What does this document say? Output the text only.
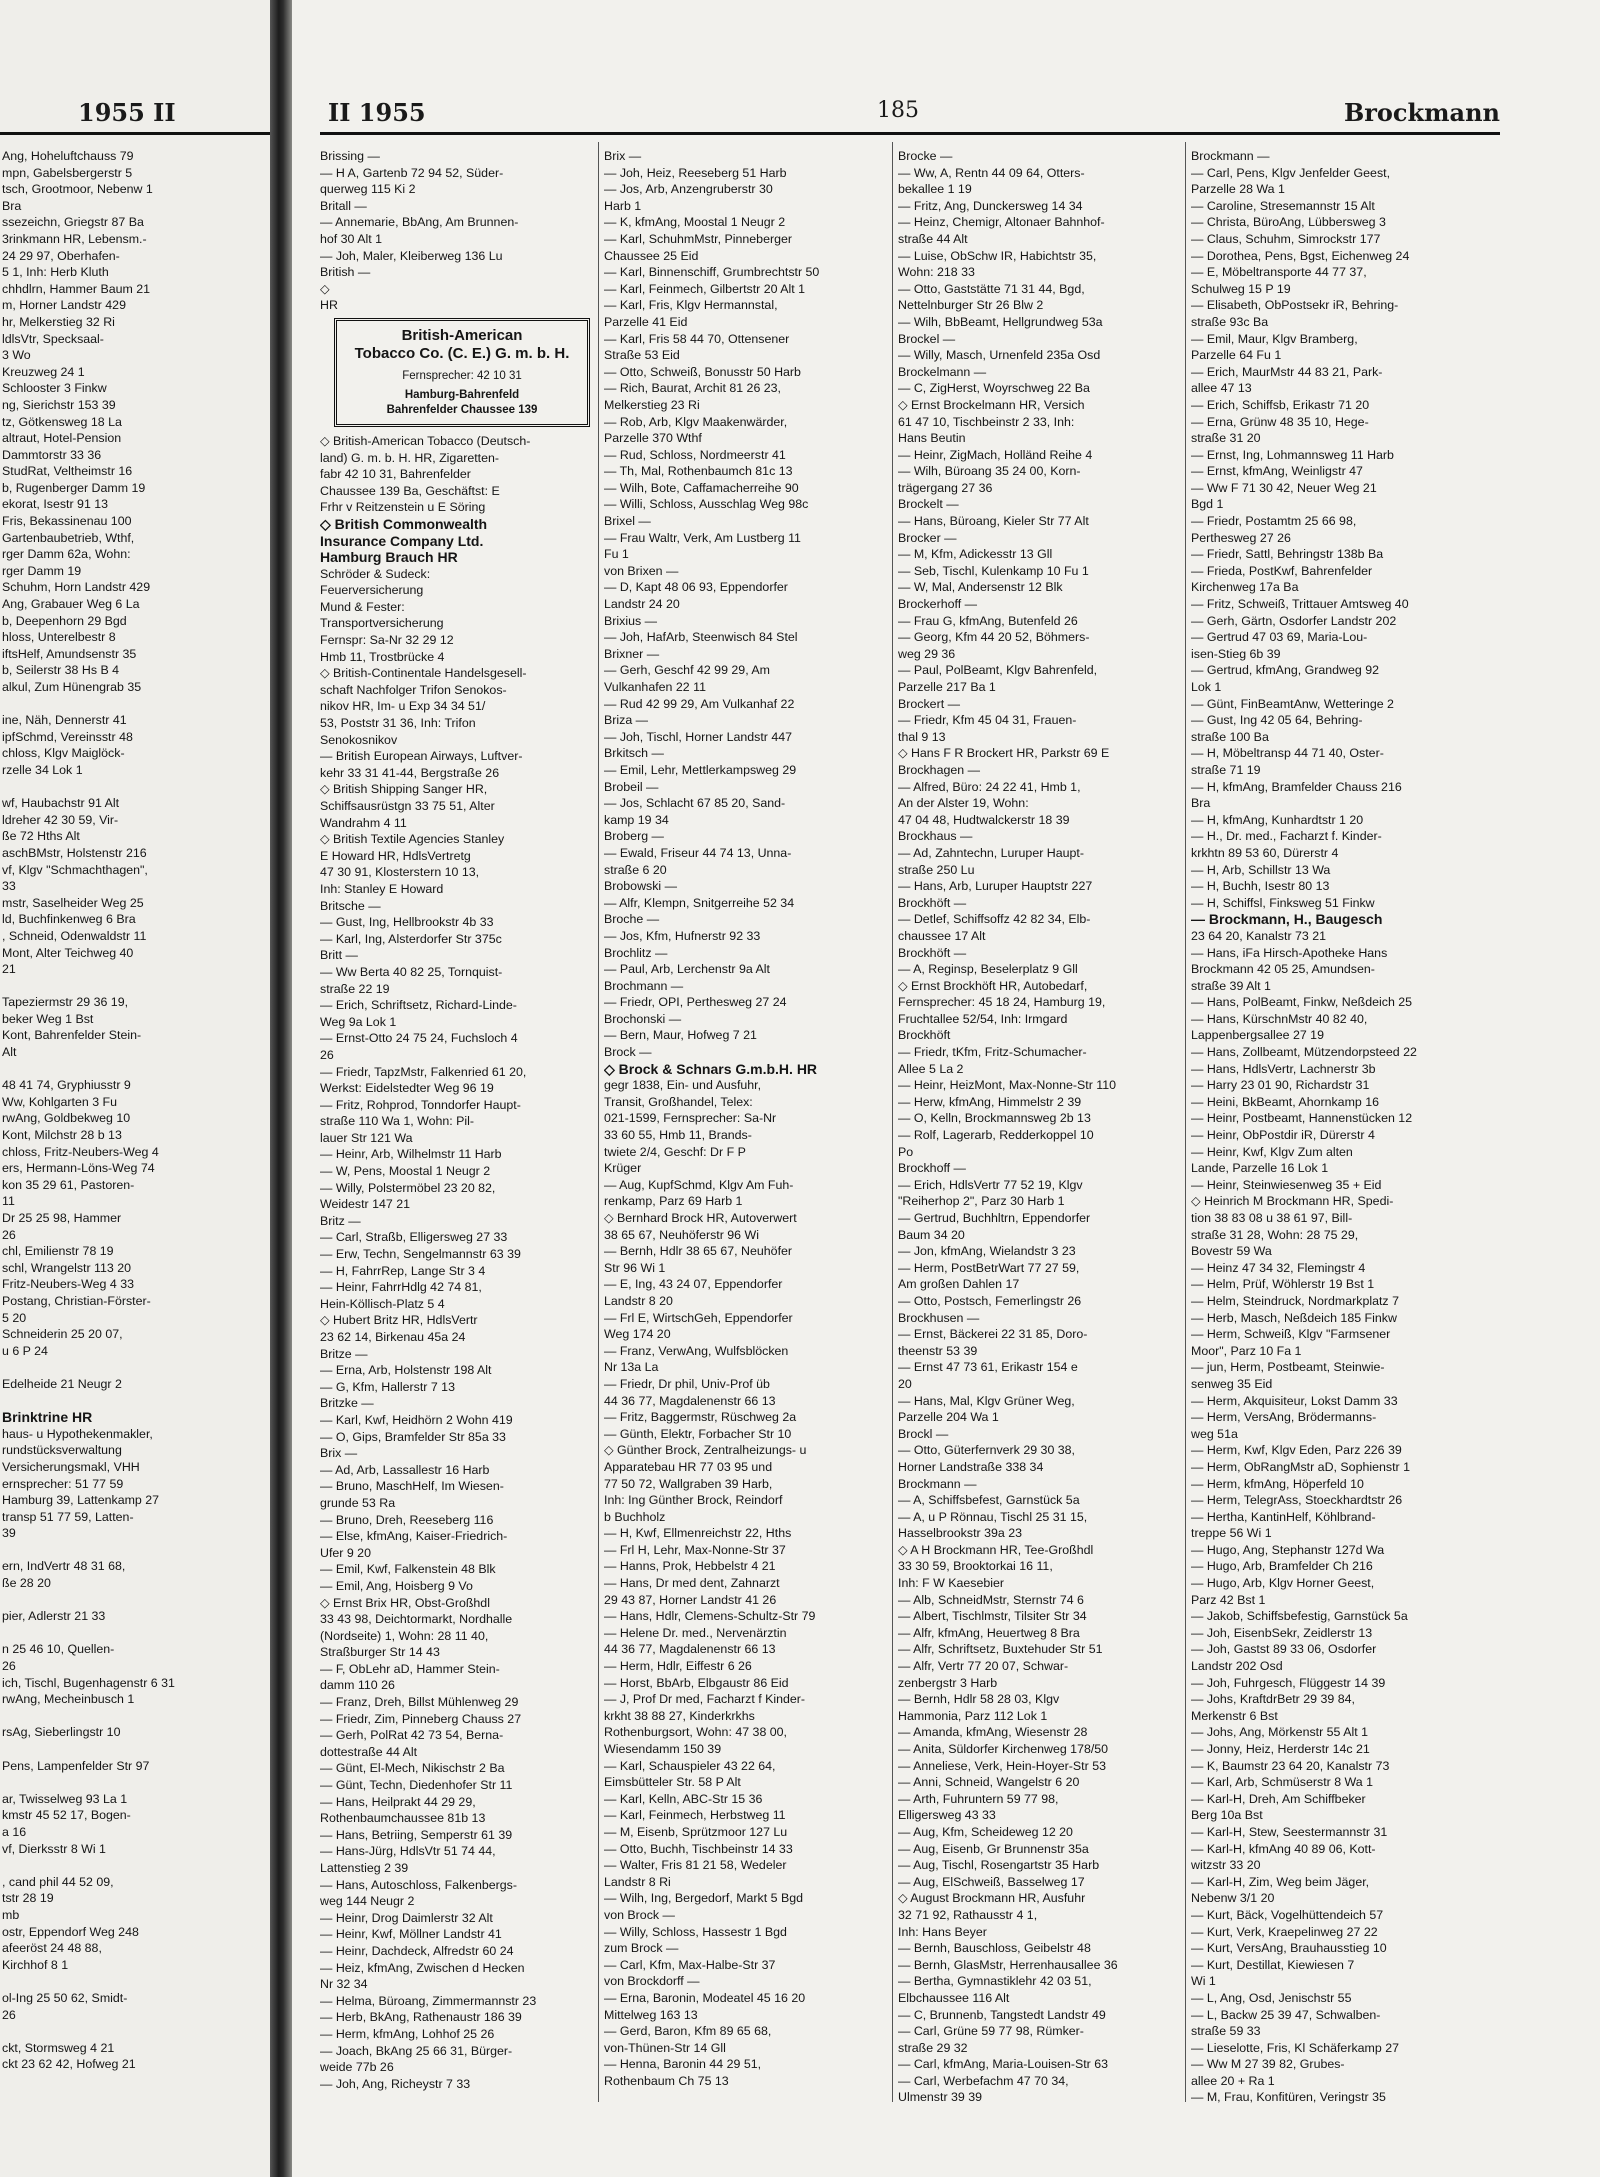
1955 II
Ang, Hoheluftchauss 79
mpn, Gabelsbergerstr 5
tsch, Grootmoor, Nebenw 1
Bra
ssezeichn, Griegstr 87 Ba
3rinkmann HR, Lebensm.-
24 29 97, Oberhafen-
5 1, Inh: Herb Kluth
chhdlrn, Hammer Baum 21
m, Horner Landstr 429
hr, Melkerstieg 32 Ri
ldlsVtr, Specksaal-
3 Wo
Kreuzweg 24 1
Schlooster 3 Finkw
ng, Sierichstr 153 39
tz, Götkensweg 18 La
altraut, Hotel-Pension
Dammtorstr 33 36
StudRat, Veltheimstr 16
b, Rugenberger Damm 19
ekorat, Isestr 91 13
Fris, Bekassinenau 100
Gartenbaubetrieb, Wthf,
rger Damm 62a, Wohn:
rger Damm 19
Schuhm, Horn Landstr 429
Ang, Grabauer Weg 6 La
b, Deepenhorn 29 Bgd
hloss, Unterelbestr 8
iftsHelf, Amundsenstr 35
b, Seilerstr 38 Hs B 4
alkul, Zum Hünengrab 35

ine, Näh, Dennerstr 41
ipfSchmd, Vereinsstr 48
chloss, Klgv Maiglöck-
rzelle 34 Lok 1

wf, Haubachstr 91 Alt
ldreher 42 30 59, Vir-
ße 72 Hths Alt
aschBMstr, Holstenstr 216
vf, Klgv "Schmachthagen",
33
mstr, Saselheider Weg 25
ld, Buchfinkenweg 6 Bra
, Schneid, Odenwaldstr 11
Mont, Alter Teichweg 40
21

Tapeziermstr 29 36 19,
beker Weg 1 Bst
Kont, Bahrenfelder Stein-
Alt

48 41 74, Gryphiusstr 9
Ww, Kohlgarten 3 Fu
rwAng, Goldbekweg 10
Kont, Milchstr 28 b 13
chloss, Fritz-Neubers-Weg 4
ers, Hermann-Löns-Weg 74
kon 35 29 61, Pastoren-
11
Dr 25 25 98, Hammer
26
chl, Emilienstr 78 19
schl, Wrangelstr 113 20
Fritz-Neubers-Weg 4 33
Postang, Christian-Förster-
5 20
Schneiderin 25 20 07,
u 6 P 24

Edelheide 21 Neugr 2

Brinktrine HR
haus- u Hypothekenmakler,
rundstücksverwaltung
Versicherungsmakl, VHH
ernsprecher: 51 77 59
Hamburg 39, Lattenkamp 27
transp 51 77 59, Latten-
39

ern, IndVertr 48 31 68,
ße 28 20

pier, Adlerstr 21 33

n 25 46 10, Quellen-
26
ich, Tischl, Bugenhagenstr 6 31
rwAng, Mecheinbusch 1

rsAg, Sieberlingstr 10

Pens, Lampenfelder Str 97

ar, Twisselweg 93 La 1
kmstr 45 52 17, Bogen-
a 16
vf, Dierksstr 8 Wi 1

, cand phil 44 52 09,
tstr 28 19
mb
ostr, Eppendorf Weg 248
afeeröst 24 48 88,
Kirchhof 8 1

ol-Ing 25 50 62, Smidt-
26

ckt, Stormsweg 4 21
ckt 23 62 42, Hofweg 21
II 1955	185	Brockmann
Brissing —
— H A, Gartenb 72 94 52, Süder-
querweg 115 Ki 2
Britall —
— Annemarie, BbAng, Am Brunnen-
hof 30 Alt 1
— Joh, Maler, Kleiberweg 136 Lu
British —
◇
HR
British-American
Tobacco Co. (C. E.) G. m. b. H.
Fernsprecher: 42 10 31
Hamburg-Bahrenfeld
Bahrenfelder Chaussee 139
◇ British-American Tobacco (Deutsch-
land) G. m. b. H. HR, Zigaretten-
fabr 42 10 31, Bahrenfelder
Chaussee 139 Ba, Geschäftst: E
Frhr v Reitzenstein u E Söring
◇ British Commonwealth
Insurance Company Ltd.
Hamburg Brauch HR
Schröder & Sudeck:
Feuerversicherung
Mund & Fester:
Transportversicherung
Fernspr: Sa-Nr 32 29 12
Hmb 11, Trostbrücke 4
◇ British-Continentale Handelsgesell-
schaft Nachfolger Trifon Senokos-
nikov HR, Im- u Exp 34 34 51/
53, Poststr 31 36, Inh: Trifon
Senokosnikov
— British European Airways, Luftver-
kehr 33 31 41-44, Bergstraße 26
◇ British Shipping Sanger HR,
Schiffsausrüstgn 33 75 51, Alter
Wandrahm 4 11
◇ British Textile Agencies Stanley
E Howard HR, HdlsVertretg
47 30 91, Klosterstern 10 13,
Inh: Stanley E Howard
Britsche —
— Gust, Ing, Hellbrookstr 4b 33
— Karl, Ing, Alsterdorfer Str 375c
Britt —
— Ww Berta 40 82 25, Tornquist-
straße 22 19
— Erich, Schriftsetz, Richard-Linde-
Weg 9a Lok 1
— Ernst-Otto 24 75 24, Fuchsloch 4
26
— Friedr, TapzMstr, Falkenried 61 20,
Werkst: Eidelstedter Weg 96 19
— Fritz, Rohprod, Tonndorfer Haupt-
straße 110 Wa 1, Wohn: Pil-
lauer Str 121 Wa
— Heinr, Arb, Wilhelmstr 11 Harb
— W, Pens, Moostal 1 Neugr 2
— Willy, Polstermöbel 23 20 82,
Weidestr 147 21
Britz —
— Carl, Straßb, Elligersweg 27 33
— Erw, Techn, Sengelmannstr 63 39
— H, FahrrRep, Lange Str 3 4
— Heinr, FahrrHdlg 42 74 81,
Hein-Köllisch-Platz 5 4
◇ Hubert Britz HR, HdlsVertr
23 62 14, Birkenau 45a 24
Britze —
— Erna, Arb, Holstenstr 198 Alt
— G, Kfm, Hallerstr 7 13
Britzke —
— Karl, Kwf, Heidhörn 2 Wohn 419
— O, Gips, Bramfelder Str 85a 33
Brix —
— Ad, Arb, Lassallestr 16 Harb
— Bruno, MaschHelf, Im Wiesen-
grunde 53 Ra
— Bruno, Dreh, Reeseberg 116
— Else, kfmAng, Kaiser-Friedrich-
Ufer 9 20
— Emil, Kwf, Falkenstein 48 Blk
— Emil, Ang, Hoisberg 9 Vo
◇ Ernst Brix HR, Obst-Großhdl
33 43 98, Deichtormarkt, Nordhalle
(Nordseite) 1, Wohn: 28 11 40,
Straßburger Str 14 43
— F, ObLehr aD, Hammer Stein-
damm 110 26
— Franz, Dreh, Billst Mühlenweg 29
— Friedr, Zim, Pinneberg Chauss 27
— Gerh, PolRat 42 73 54, Berna-
dottestraße 44 Alt
— Günt, El-Mech, Nikischstr 2 Ba
— Günt, Techn, Diedenhofer Str 11
— Hans, Heilprakt 44 29 29,
Rothenbaumchaussee 81b 13
— Hans, Betriing, Semperstr 61 39
— Hans-Jürg, HdlsVtr 51 74 44,
Lattenstieg 2 39
— Hans, Autoschloss, Falkenbergs-
weg 144 Neugr 2
— Heinr, Drog Daimlerstr 32 Alt
— Heinr, Kwf, Möllner Landstr 41
— Heinr, Dachdeck, Alfredstr 60 24
— Heiz, kfmAng, Zwischen d Hecken
Nr 32 34
— Helma, Büroang, Zimmermannstr 23
— Herb, BkAng, Rathenaustr 186 39
— Herm, kfmAng, Lohhof 25 26
— Joach, BkAng 25 66 31, Bürger-
weide 77b 26
— Joh, Ang, Richeystr 7 33
Brix —
— Joh, Heiz, Reeseberg 51 Harb
— Jos, Arb, Anzengruberstr 30
Harb 1
— K, kfmAng, Moostal 1 Neugr 2
— Karl, SchuhmMstr, Pinneberger
Chaussee 25 Eid
— Karl, Binnenschiff, Grumbrechtstr 50
— Karl, Feinmech, Gilbertstr 20 Alt 1
— Karl, Fris, Klgv Hermannstal,
Parzelle 41 Eid
— Karl, Fris 58 44 70, Ottensener
Straße 53 Eid
— Otto, Schweiß, Bonusstr 50 Harb
— Rich, Baurat, Archit 81 26 23,
Melkerstieg 23 Ri
— Rob, Arb, Klgv Maakenwärder,
Parzelle 370 Wthf
— Rud, Schloss, Nordmeerstr 41
— Th, Mal, Rothenbaumch 81c 13
— Wilh, Bote, Caffamacherreihe 90
— Willi, Schloss, Ausschlag Weg 98c
Brixel —
— Frau Waltr, Verk, Am Lustberg 11
Fu 1
von Brixen —
— D, Kapt 48 06 93, Eppendorfer
Landstr 24 20
Brixius —
— Joh, HafArb, Steenwisch 84 Stel
Brixner —
— Gerh, Geschf 42 99 29, Am
Vulkanhafen 22 11
— Rud 42 99 29, Am Vulkanhaf 22
Briza —
— Joh, Tischl, Horner Landstr 447
Brkitsch —
— Emil, Lehr, Mettlerkampsweg 29
Brobeil —
— Jos, Schlacht 67 85 20, Sand-
kamp 19 34
Broberg —
— Ewald, Friseur 44 74 13, Unna-
straße 6 20
Brobowski —
— Alfr, Klempn, Snitgerreihe 52 34
Broche —
— Jos, Kfm, Hufnerstr 92 33
Brochlitz —
— Paul, Arb, Lerchenstr 9a Alt
Brochmann —
— Friedr, OPI, Perthesweg 27 24
Brochonski —
— Bern, Maur, Hofweg 7 21
Brock —
◇ Brock & Schnars G.m.b.H. HR
gegr 1838, Ein- und Ausfuhr,
Transit, Großhandel, Telex:
021-1599, Fernsprecher: Sa-Nr
33 60 55, Hmb 11, Brands-
twiete 2/4, Geschf: Dr F P
Krüger
— Aug, KupfSchmd, Klgv Am Fuh-
renkamp, Parz 69 Harb 1
◇ Bernhard Brock HR, Autoverwert
38 65 67, Neuhöferstr 96 Wi
— Bernh, Hdlr 38 65 67, Neuhöfer
Str 96 Wi 1
— E, Ing, 43 24 07, Eppendorfer
Landstr 8 20
— Frl E, WirtschGeh, Eppendorfer
Weg 174 20
— Franz, VerwAng, Wulfsblöcken
Nr 13a La
— Friedr, Dr phil, Univ-Prof üb
44 36 77, Magdalenenstr 66 13
— Fritz, Baggermstr, Rüschweg 2a
— Günth, Elektr, Forbacher Str 10
◇ Günther Brock, Zentralheizungs- u
Apparatebau HR 77 03 95 und
77 50 72, Wallgraben 39 Harb,
Inh: Ing Günther Brock, Reindorf
b Buchholz
— H, Kwf, Ellmenreichstr 22, Hths
— Frl H, Lehr, Max-Nonne-Str 37
— Hanns, Prok, Hebbelstr 4 21
— Hans, Dr med dent, Zahnarzt
29 43 87, Horner Landstr 41 26
— Hans, Hdlr, Clemens-Schultz-Str 79
— Helene Dr. med., Nervenärztin
44 36 77, Magdalenenstr 66 13
— Herm, Hdlr, Eiffestr 6 26
— Horst, BbArb, Elbgaustr 86 Eid
— J, Prof Dr med, Facharzt f Kinder-
krkht 38 88 27, Kinderkrkhs
Rothenburgsort, Wohn: 47 38 00,
Wiesendamm 150 39
— Karl, Schauspieler 43 22 64,
Eimsbütteler Str. 58 P Alt
— Karl, Kelln, ABC-Str 15 36
— Karl, Feinmech, Herbstweg 11
— M, Eisenb, Sprützmoor 127 Lu
— Otto, Buchh, Tischbeinstr 14 33
— Walter, Fris 81 21 58, Wedeler
Landstr 8 Ri
— Wilh, Ing, Bergedorf, Markt 5 Bgd
von Brock —
— Willy, Schloss, Hassestr 1 Bgd
zum Brock —
— Carl, Kfm, Max-Halbe-Str 37
von Brockdorff —
— Erna, Baronin, Modeatel 45 16 20
Mittelweg 163 13
— Gerd, Baron, Kfm 89 65 68,
von-Thünen-Str 14 Gll
— Henna, Baronin 44 29 51,
Rothenbaum Ch 75 13
Brocke —
— Ww, A, Rentn 44 09 64, Otters-
bekallee 1 19
— Fritz, Ang, Dunckersweg 14 34
— Heinz, Chemigr, Altonaer Bahnhof-
straße 44 Alt
— Luise, ObSchw IR, Habichtstr 35,
Wohn: 218 33
— Otto, Gaststätte 71 31 44, Bgd,
Nettelnburger Str 26 Blw 2
— Wilh, BbBeamt, Hellgrundweg 53a
Brockel —
— Willy, Masch, Urnenfeld 235a Osd
Brockelmann —
— C, ZigHerst, Woyrschweg 22 Ba
◇ Ernst Brockelmann HR, Versich
61 47 10, Tischbeinstr 2 33, Inh:
Hans Beutin
— Heinr, ZigMach, Holländ Reihe 4
— Wilh, Büroang 35 24 00, Korn-
trägergang 27 36
Brockelt —
— Hans, Büroang, Kieler Str 77 Alt
Brocker —
— M, Kfm, Adickesstr 13 Gll
— Seb, Tischl, Kulenkamp 10 Fu 1
— W, Mal, Andersenstr 12 Blk
Brockerhoff —
— Frau G, kfmAng, Butenfeld 26
— Georg, Kfm 44 20 52, Böhmers-
weg 29 36
— Paul, PolBeamt, Klgv Bahrenfeld,
Parzelle 217 Ba 1
Brockert —
— Friedr, Kfm 45 04 31, Frauen-
thal 9 13
◇ Hans F R Brockert HR, Parkstr 69 E
Brockhagen —
— Alfred, Büro: 24 22 41, Hmb 1,
An der Alster 19, Wohn:
47 04 48, Hudtwalckerstr 18 39
Brockhaus —
— Ad, Zahntechn, Luruper Haupt-
straße 250 Lu
— Hans, Arb, Luruper Hauptstr 227
Brockhöft —
— Detlef, Schiffsoffz 42 82 34, Elb-
chaussee 17 Alt
Brockhöft —
— A, Reginsp, Beselerplatz 9 Gll
◇ Ernst Brockhöft HR, Autobedarf,
Fernsprecher: 45 18 24, Hamburg 19,
Fruchtallee 52/54, Inh: Irmgard
Brockhöft
— Friedr, tKfm, Fritz-Schumacher-
Allee 5 La 2
— Heinr, HeizMont, Max-Nonne-Str 110
— Herw, kfmAng, Himmelstr 2 39
— O, Kelln, Brockmannsweg 2b 13
— Rolf, Lagerarb, Redderkoppel 10
Po
Brockhoff —
— Erich, HdlsVertr 77 52 19, Klgv
"Reiherhop 2", Parz 30 Harb 1
— Gertrud, Buchhltrn, Eppendorfer
Baum 34 20
— Jon, kfmAng, Wielandstr 3 23
— Herm, PostBetrWart 77 27 59,
Am großen Dahlen 17
— Otto, Postsch, Femerlingstr 26
Brockhusen —
— Ernst, Bäckerei 22 31 85, Doro-
theenstr 53 39
— Ernst 47 73 61, Erikastr 154 e
20
— Hans, Mal, Klgv Grüner Weg,
Parzelle 204 Wa 1
Brockl —
— Otto, Güterfernverk 29 30 38,
Horner Landstraße 338 34
Brockmann —
— A, Schiffsbefest, Garnstück 5a
— A, u P Rönnau, Tischl 25 31 15,
Hasselbrookstr 39a 23
◇ A H Brockmann HR, Tee-Großhdl
33 30 59, Brooktorkai 16 11,
Inh: F W Kaesebier
— Alb, SchneidMstr, Sternstr 74 6
— Albert, Tischlmstr, Tilsiter Str 34
— Alfr, kfmAng, Heuertweg 8 Bra
— Alfr, Schriftsetz, Buxtehuder Str 51
— Alfr, Vertr 77 20 07, Schwar-
zenbergstr 3 Harb
— Bernh, Hdlr 58 28 03, Klgv
Hammonia, Parz 112 Lok 1
— Amanda, kfmAng, Wiesenstr 28
— Anita, Süldorfer Kirchenweg 178/50
— Anneliese, Verk, Hein-Hoyer-Str 53
— Anni, Schneid, Wangelstr 6 20
— Arth, Fuhruntern 59 77 98,
Elligersweg 43 33
— Aug, Kfm, Scheideweg 12 20
— Aug, Eisenb, Gr Brunnenstr 35a
— Aug, Tischl, Rosengartstr 35 Harb
— Aug, ElSchweiß, Basselweg 17
◇ August Brockmann HR, Ausfuhr
32 71 92, Rathausstr 4 1,
Inh: Hans Beyer
— Bernh, Bauschloss, Geibelstr 48
— Bernh, GlasMstr, Herrenhausallee 36
— Bertha, Gymnastiklehr 42 03 51,
Elbchaussee 116 Alt
— C, Brunnenb, Tangstedt Landstr 49
— Carl, Grüne 59 77 98, Rümker-
straße 29 32
— Carl, kfmAng, Maria-Louisen-Str 63
— Carl, Werbefachm 47 70 34,
Ulmenstr 39 39
Brockmann —
— Carl, Pens, Klgv Jenfelder Geest,
Parzelle 28 Wa 1
— Caroline, Stresemannstr 15 Alt
— Christa, BüroAng, Lübbersweg 3
— Claus, Schuhm, Simrockstr 177
— Dorothea, Pens, Bgst, Eichenweg 24
— E, Möbeltransporte 44 77 37,
Schulweg 15 P 19
— Elisabeth, ObPostsekr iR, Behring-
straße 93c Ba
— Emil, Maur, Klgv Bramberg,
Parzelle 64 Fu 1
— Erich, MaurMstr 44 83 21, Park-
allee 47 13
— Erich, Schiffsb, Erikastr 71 20
— Erna, Grünw 48 35 10, Hege-
straße 31 20
— Ernst, Ing, Lohmannsweg 11 Harb
— Ernst, kfmAng, Weinligstr 47
— Ww F 71 30 42, Neuer Weg 21
Bgd 1
— Friedr, Postamtm 25 66 98,
Perthesweg 27 26
— Friedr, Sattl, Behringstr 138b Ba
— Frieda, PostKwf, Bahrenfelder
Kirchenweg 17a Ba
— Fritz, Schweiß, Trittauer Amtsweg 40
— Gerh, Gärtn, Osdorfer Landstr 202
— Gertrud 47 03 69, Maria-Lou-
isen-Stieg 6b 39
— Gertrud, kfmAng, Grandweg 92
Lok 1
— Günt, FinBeamtAnw, Wetteringe 2
— Gust, Ing 42 05 64, Behring-
straße 100 Ba
— H, Möbeltransp 44 71 40, Oster-
straße 71 19
— H, kfmAng, Bramfelder Chauss 216
Bra
— H, kfmAng, Kunhardtstr 1 20
— H., Dr. med., Facharzt f. Kinder-
krkhtn 89 53 60, Dürerstr 4
— H, Arb, Schillstr 13 Wa
— H, Buchh, Isestr 80 13
— H, Schiffsl, Finksweg 51 Finkw
— Brockmann, H., Baugesch
23 64 20, Kanalstr 73 21
— Hans, iFa Hirsch-Apotheke Hans
Brockmann 42 05 25, Amundsen-
straße 39 Alt 1
— Hans, PolBeamt, Finkw, Neßdeich 25
— Hans, KürschnMstr 40 82 40,
Lappenbergsallee 27 19
— Hans, Zollbeamt, Mützendorpsteed 22
— Hans, HdlsVertr, Lachnerstr 3b
— Harry 23 01 90, Richardstr 31
— Heini, BkBeamt, Ahornkamp 16
— Heinr, Postbeamt, Hannenstücken 12
— Heinr, ObPostdir iR, Dürerstr 4
— Heinr, Kwf, Klgv Zum alten
Lande, Parzelle 16 Lok 1
— Heinr, Steinwiesenweg 35 + Eid
◇ Heinrich M Brockmann HR, Spedi-
tion 38 83 08 u 38 61 97, Bill-
straße 31 28, Wohn: 28 75 29,
Bovestr 59 Wa
— Heinz 47 34 32, Flemingstr 4
— Helm, Prüf, Wöhlerstr 19 Bst 1
— Helm, Steindruck, Nordmarkplatz 7
— Herb, Masch, Neßdeich 185 Finkw
— Herm, Schweiß, Klgv "Farmsener
Moor", Parz 10 Fa 1
— jun, Herm, Postbeamt, Steinwie-
senweg 35 Eid
— Herm, Akquisiteur, Lokst Damm 33
— Herm, VersAng, Brödermanns-
weg 51a
— Herm, Kwf, Klgv Eden, Parz 226 39
— Herm, ObRangMstr aD, Sophienstr 1
— Herm, kfmAng, Höperfeld 10
— Herm, TelegrAss, Stoeckhardtstr 26
— Hertha, KantinHelf, Köhlbrand-
treppe 56 Wi 1
— Hugo, Ang, Stephanstr 127d Wa
— Hugo, Arb, Bramfelder Ch 216
— Hugo, Arb, Klgv Horner Geest,
Parz 42 Bst 1
— Jakob, Schiffsbefestig, Garnstück 5a
— Joh, EisenbSekr, Zeidlerstr 13
— Joh, Gastst 89 33 06, Osdorfer
Landstr 202 Osd
— Joh, Fuhrgesch, Flüggestr 14 39
— Johs, KraftdrBetr 29 39 84,
Merkenstr 6 Bst
— Johs, Ang, Mörkenstr 55 Alt 1
— Jonny, Heiz, Herderstr 14c 21
— K, Baumstr 23 64 20, Kanalstr 73
— Karl, Arb, Schmüserstr 8 Wa 1
— Karl-H, Dreh, Am Schiffbeker
Berg 10a Bst
— Karl-H, Stew, Seestermannstr 31
— Karl-H, kfmAng 40 89 06, Kott-
witzstr 33 20
— Karl-H, Zim, Weg beim Jäger,
Nebenw 3/1 20
— Kurt, Bäck, Vogelhüttendeich 57
— Kurt, Verk, Kraepelinweg 27 22
— Kurt, VersAng, Brauhausstieg 10
— Kurt, Destillat, Kiewiesen 7
Wi 1
— L, Ang, Osd, Jenischstr 55
— L, Backw 25 39 47, Schwalben-
straße 59 33
— Lieselotte, Fris, Kl Schäferkamp 27
— Ww M 27 39 82, Grubes-
allee 20 + Ra 1
— M, Frau, Konfitüren, Veringstr 35
